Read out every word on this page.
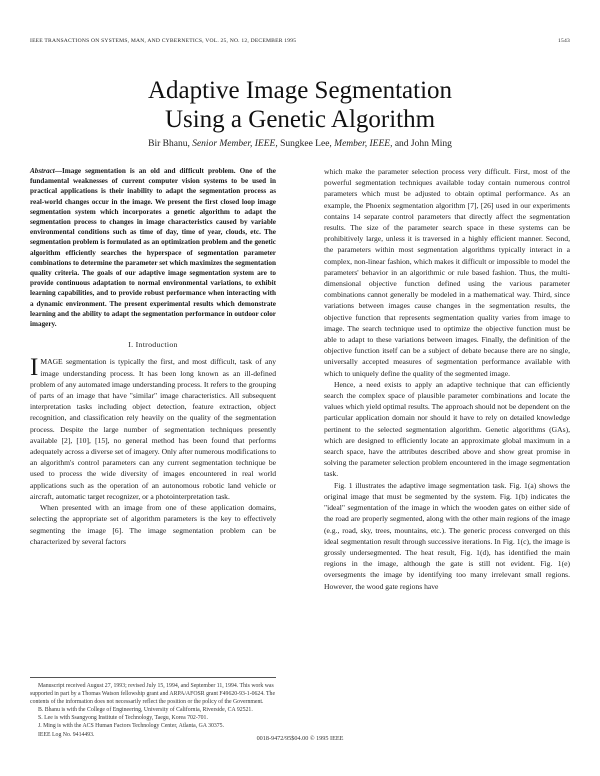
IEEE TRANSACTIONS ON SYSTEMS, MAN, AND CYBERNETICS, VOL. 25, NO. 12, DECEMBER 1995	1543
Adaptive Image Segmentation
Using a Genetic Algorithm
Bir Bhanu, Senior Member, IEEE, Sungkee Lee, Member, IEEE, and John Ming

Abstract—Image segmentation is an old and difficult problem. One of the fundamental weaknesses of current computer vision systems to be used in practical applications is their inability to adapt the segmentation process as real-world changes occur in the image. We present the first closed loop image segmentation system which incorporates a genetic algorithm to adapt the segmentation process to changes in image characteristics caused by variable environmental conditions such as time of day, time of year, clouds, etc. The segmentation problem is formulated as an optimization problem and the genetic algorithm efficiently searches the hyperspace of segmentation parameter combinations to determine the parameter set which maximizes the segmentation quality criteria. The goals of our adaptive image segmentation system are to provide continuous adaptation to normal environmental variations, to exhibit learning capabilities, and to provide robust performance when interacting with a dynamic environment. The present experimental results which demonstrate learning and the ability to adapt the segmentation performance in outdoor color imagery.

I. Introduction

IMAGE segmentation is typically the first, and most difficult, task of any image understanding process. It has been long known as an ill-defined problem of any automated image understanding process. It refers to the grouping of parts of an image that have "similar" image characteristics. All subsequent interpretation tasks including object detection, feature extraction, object recognition, and classification rely heavily on the quality of the segmentation process. Despite the large number of segmentation techniques presently available [2], [10], [15], no general method has been found that performs adequately across a diverse set of imagery. Only after numerous modifications to an algorithm's control parameters can any current segmentation technique be used to process the wide diversity of images encountered in real world applications such as the operation of an autonomous robotic land vehicle or aircraft, automatic target recognizer, or a photointerpretation task.

When presented with an image from one of these application domains, selecting the appropriate set of algorithm parameters is the key to effectively segmenting the image [6]. The image segmentation problem can be characterized by several factors

Manuscript received August 27, 1993; revised July 15, 1994, and September 11, 1994. This work was supported in part by a Thomas Watson fellowship grant and ARPA/AFOSR grant F49620-93-1-0624. The contents of the information does not necessarily reflect the position or the policy of the Government.

B. Bhanu is with the College of Engineering, University of California, Riverside, CA 92521.

S. Lee is with Ssangyong Institute of Technology, Taegu, Korea 702-701.

J. Ming is with the ACS Human Factors Technology Center, Atlanta, GA 30375.

IEEE Log No. 9414493.

which make the parameter selection process very difficult. First, most of the powerful segmentation techniques available today contain numerous control parameters which must be adjusted to obtain optimal performance. As an example, the Phoenix segmentation algorithm [7], [26] used in our experiments contains 14 separate control parameters that directly affect the segmentation results. The size of the parameter search space in these systems can be prohibitively large, unless it is traversed in a highly efficient manner. Second, the parameters within most segmentation algorithms typically interact in a complex, non-linear fashion, which makes it difficult or impossible to model the parameters' behavior in an algorithmic or rule based fashion. Thus, the multi-dimensional objective function defined using the various parameter combinations cannot generally be modeled in a mathematical way. Third, since variations between images cause changes in the segmentation results, the objective function that represents segmentation quality varies from image to image. The search technique used to optimize the objective function must be able to adapt to these variations between images. Finally, the definition of the objective function itself can be a subject of debate because there are no single, universally accepted measures of segmentation performance available with which to uniquely define the quality of the segmented image.

Hence, a need exists to apply an adaptive technique that can efficiently search the complex space of plausible parameter combinations and locate the values which yield optimal results. The approach should not be dependent on the particular application domain nor should it have to rely on detailed knowledge pertinent to the selected segmentation algorithm. Genetic algorithms (GAs), which are designed to efficiently locate an approximate global maximum in a search space, have the attributes described above and show great promise in solving the parameter selection problem encountered in the image segmentation task.

Fig. 1 illustrates the adaptive image segmentation task. Fig. 1(a) shows the original image that must be segmented by the system. Fig. 1(b) indicates the "ideal" segmentation of the image in which the wooden gates on either side of the road are properly segmented, along with the other main regions of the image (e.g., road, sky, trees, mountains, etc.). The generic process converged on this ideal segmentation result through successive iterations. In Fig. 1(c), the image is grossly undersegmented. The heat result, Fig. 1(d), has identified the main regions in the image, although the gate is still not evident. Fig. 1(e) oversegments the image by identifying too many irrelevant small regions. However, the wood gate regions have

0018-9472/95$04.00 © 1995 IEEE
